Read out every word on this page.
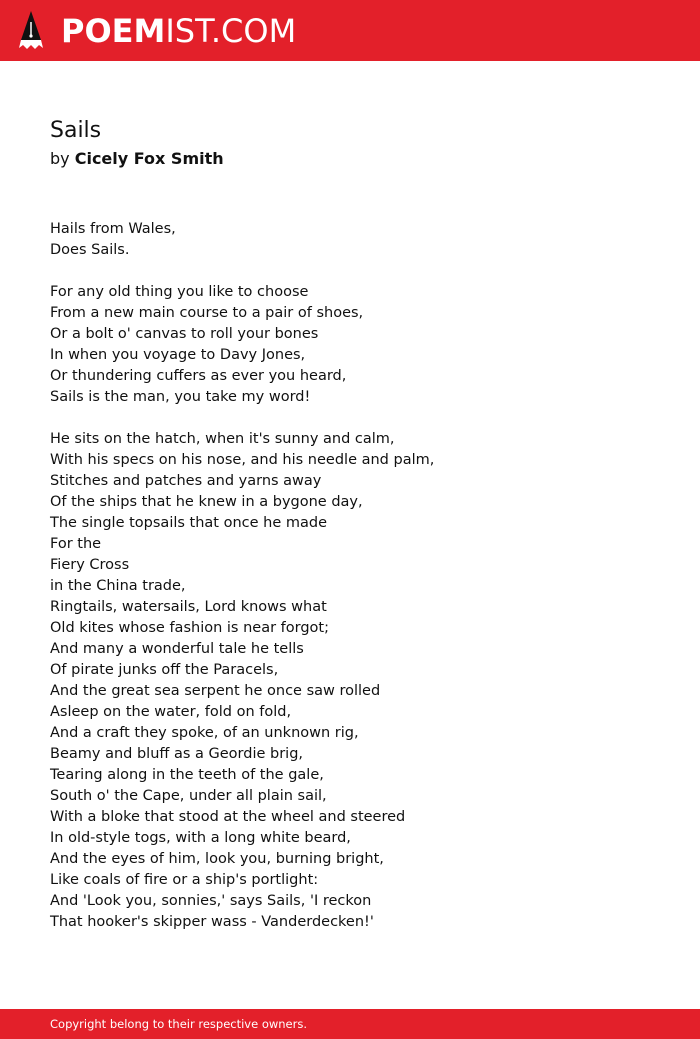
POEMIST.COM
Sails
by Cicely Fox Smith
Hails from Wales,
Does Sails.
For any old thing you like to choose
From a new main course to a pair of shoes,
Or a bolt o' canvas to roll your bones
In when you voyage to Davy Jones,
Or thundering cuffers as ever you heard,
Sails is the man, you take my word!
He sits on the hatch, when it's sunny and calm,
With his specs on his nose, and his needle and palm,
Stitches and patches and yarns away
Of the ships that he knew in a bygone day,
The single topsails that once he made
For the
Fiery Cross
in the China trade,
Ringtails, watersails, Lord knows what
Old kites whose fashion is near forgot;
And many a wonderful tale he tells
Of pirate junks off the Paracels,
And the great sea serpent he once saw rolled
Asleep on the water, fold on fold,
And a craft they spoke, of an unknown rig,
Beamy and bluff as a Geordie brig,
Tearing along in the teeth of the gale,
South o' the Cape, under all plain sail,
With a bloke that stood at the wheel and steered
In old-style togs, with a long white beard,
And the eyes of him, look you, burning bright,
Like coals of fire or a ship's portlight:
And 'Look you, sonnies,' says Sails, 'I reckon
That hooker's skipper wass - Vanderdecken!'
Copyright belong to their respective owners.
